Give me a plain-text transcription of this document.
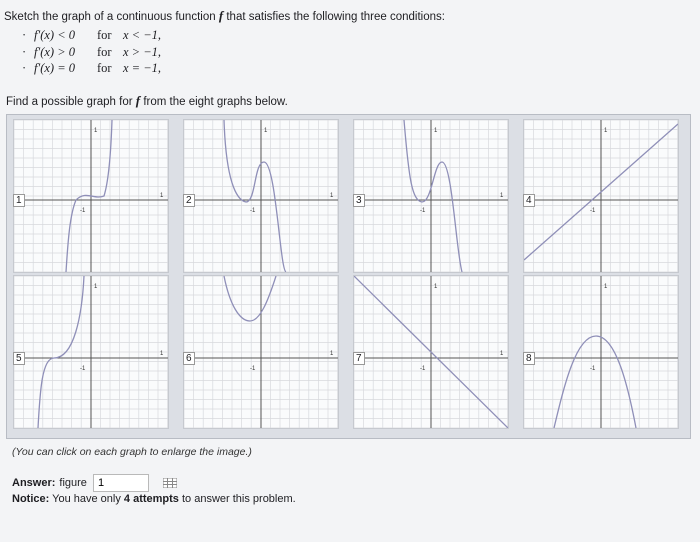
Sketch the graph of a continuous function f that satisfies the following three conditions:
· f′(x) < 0	for x < −1,
· f′(x) > 0	for x > −1,
· f′(x) = 0	for x = −1,
Find a possible graph for f from the eight graphs below.
-1
1
1
1
-1
1
1
2
-1
1
1
3
-1
1
4
-1
1
1
5
-1
1
6
-1
1
1
7
-1
1
8
(You can click on each graph to enlarge the image.)
Answer: figure
1
Notice: You have only 4 attempts to answer this problem.
